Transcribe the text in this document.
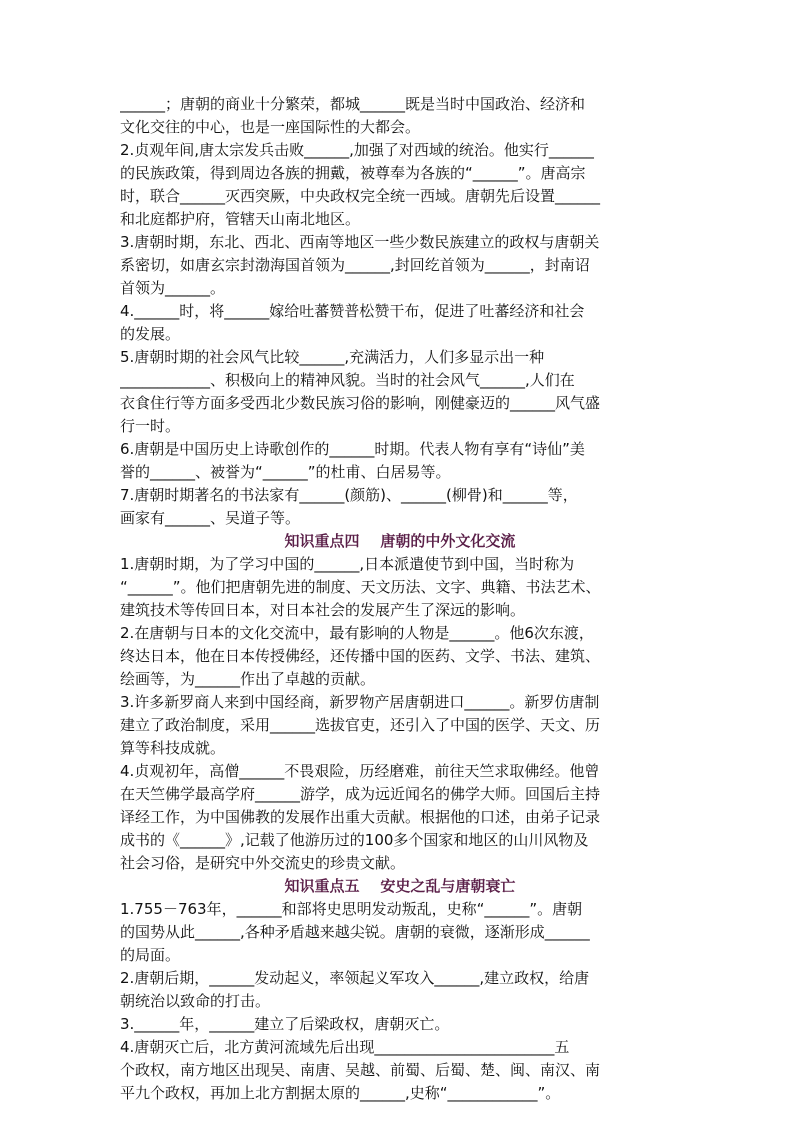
______；唐朝的商业十分繁荣，都城______既是当时中国政治、经济和
文化交往的中心，也是一座国际性的大都会。
2.贞观年间,唐太宗发兵击败______,加强了对西域的统治。他实行______
的民族政策，得到周边各族的拥戴，被尊奉为各族的“______”。唐高宗
时，联合______灭西突厥，中央政权完全统一西域。唐朝先后设置______
和北庭都护府，管辖天山南北地区。
3.唐朝时期，东北、西北、西南等地区一些少数民族建立的政权与唐朝关
系密切，如唐玄宗封渤海国首领为______,封回纥首领为______，封南诏
首领为______。
4.______时，将______嫁给吐蕃赞普松赞干布，促进了吐蕃经济和社会
的发展。
5.唐朝时期的社会风气比较______,充满活力，人们多显示出一种
____________、积极向上的精神风貌。当时的社会风气______,人们在
衣食住行等方面多受西北少数民族习俗的影响，刚健豪迈的______风气盛
行一时。
6.唐朝是中国历史上诗歌创作的______时期。代表人物有享有“诗仙”美
誉的______、被誉为“______”的杜甫、白居易等。
7.唐朝时期著名的书法家有______(颜筋)、______(柳骨)和______等，
画家有______、吴道子等。
知识重点四    唐朝的中外文化交流
1.唐朝时期，为了学习中国的______,日本派遣使节到中国，当时称为
“______”。他们把唐朝先进的制度、天文历法、文字、典籍、书法艺术、
建筑技术等传回日本，对日本社会的发展产生了深远的影响。
2.在唐朝与日本的文化交流中，最有影响的人物是______。他6次东渡，
终达日本，他在日本传授佛经，还传播中国的医药、文学、书法、建筑、
绘画等，为______作出了卓越的贡献。
3.许多新罗商人来到中国经商，新罗物产居唐朝进口______。新罗仿唐制
建立了政治制度，采用______选拔官吏，还引入了中国的医学、天文、历
算等科技成就。
4.贞观初年，高僧______不畏艰险，历经磨难，前往天竺求取佛经。他曾
在天竺佛学最高学府______游学，成为远近闻名的佛学大师。回国后主持
译经工作，为中国佛教的发展作出重大贡献。根据他的口述，由弟子记录
成书的《______》,记载了他游历过的100多个国家和地区的山川风物及
社会习俗，是研究中外交流史的珍贵文献。
知识重点五    安史之乱与唐朝衰亡
1.755－763年，______和部将史思明发动叛乱，史称“______”。唐朝
的国势从此______,各种矛盾越来越尖锐。唐朝的衰微，逐渐形成______
的局面。
2.唐朝后期，______发动起义，率领起义军攻入______,建立政权，给唐
朝统治以致命的打击。
3.______年，______建立了后梁政权，唐朝灭亡。
4.唐朝灭亡后，北方黄河流域先后出现________________________五
个政权，南方地区出现吴、南唐、吴越、前蜀、后蜀、楚、闽、南汉、南
平九个政权，再加上北方割据太原的______,史称“____________”。
